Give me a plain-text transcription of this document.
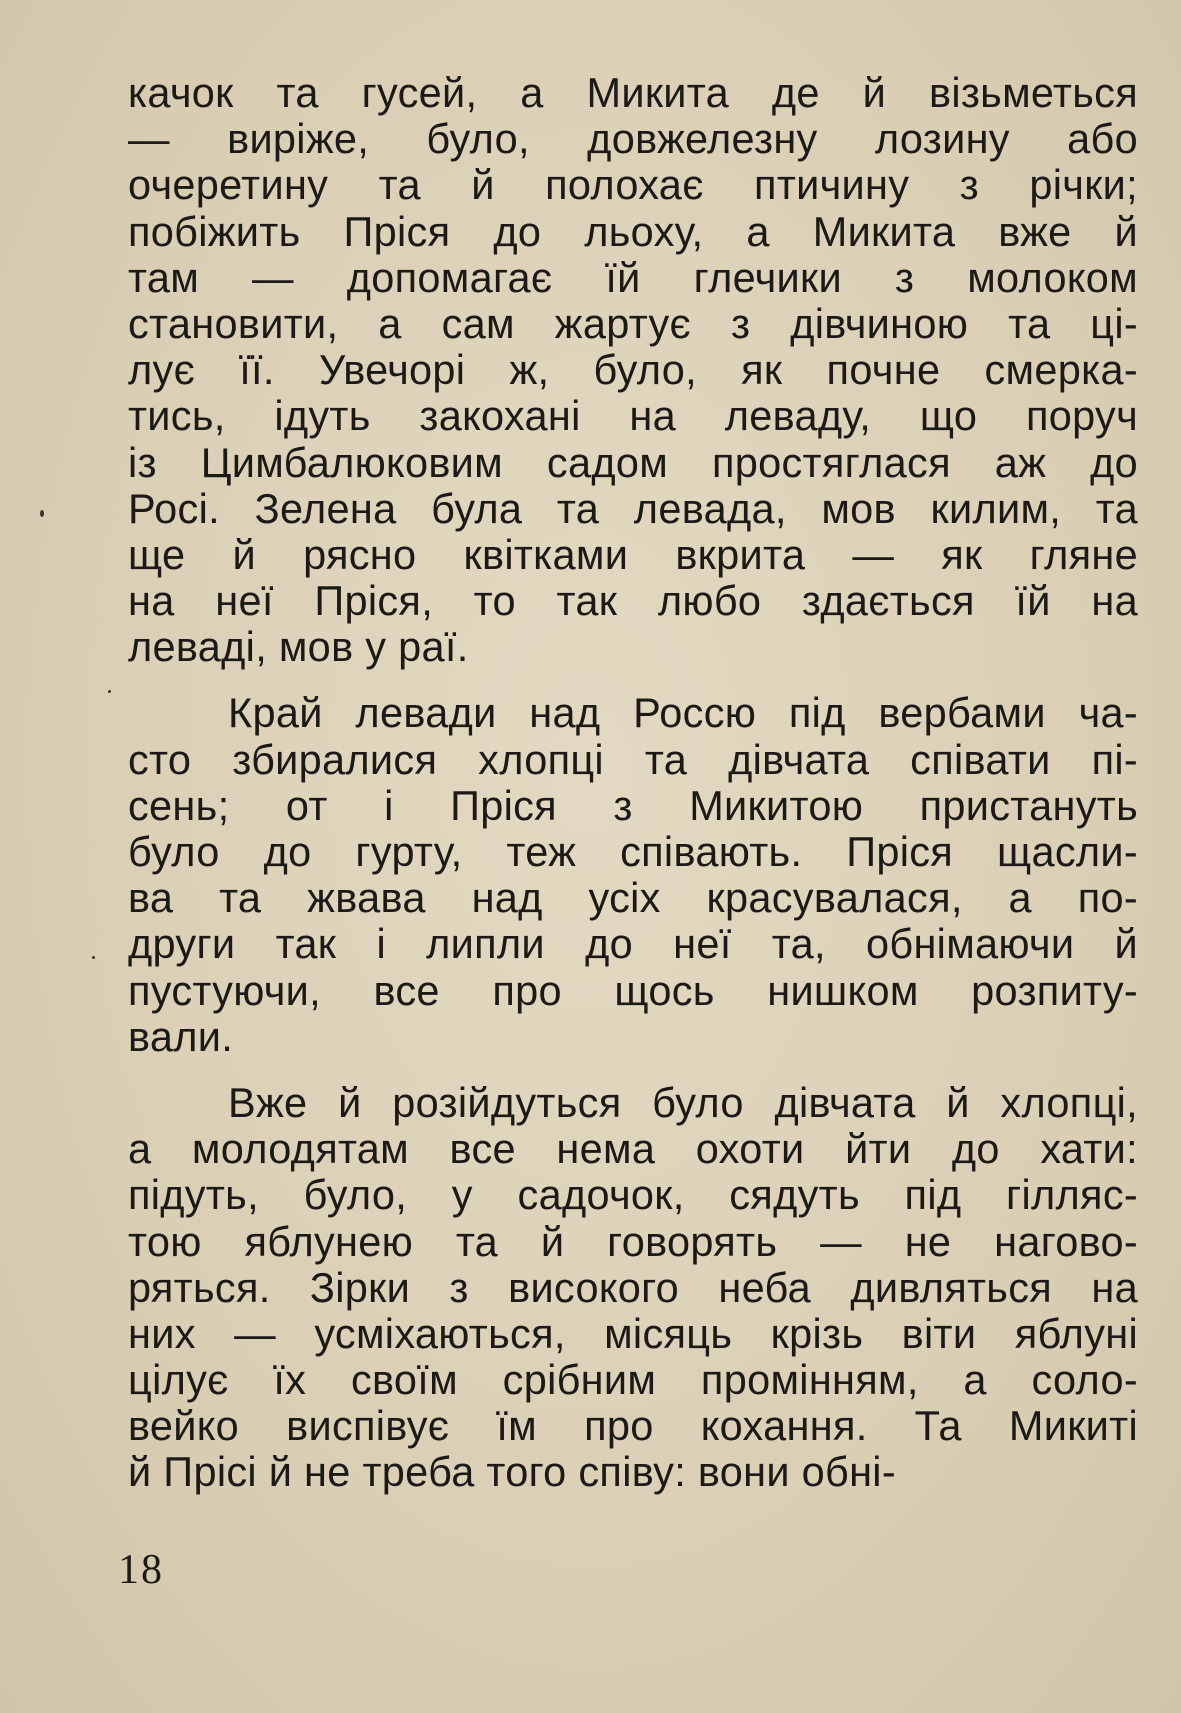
качок та гусей, а Микита де й візьметься
— виріже, було, довжелезну лозину або
очеретину та й полохає птичину з річки;
побіжить Пріся до льоху, а Микита вже й
там — допомагає їй глечики з молоком
становити, а сам жартує з дівчиною та ці-
лує її. Увечорі ж, було, як почне смерка-
тись, ідуть закохані на леваду, що поруч
із Цимбалюковим садом простяглася аж до
Росі. Зелена була та левада, мов килим, та
ще й рясно квітками вкрита — як гляне
на неї Пріся, то так любо здається їй на
леваді, мов у раї.
Край левади над Россю під вербами ча-
сто збиралися хлопці та дівчата співати пі-
сень; от і Пріся з Микитою пристануть
було до гурту, теж співають. Пріся щасли-
ва та жвава над усіх красувалася, а по-
други так і липли до неї та, обнімаючи й
пустуючи, все про щось нишком розпиту-
вали.
Вже й розійдуться було дівчата й хлопці,
а молодятам все нема охоти йти до хати:
підуть, було, у садочок, сядуть під гілляс-
тою яблунею та й говорять — не нагово-
ряться. Зірки з високого неба дивляться на
них — усміхаються, місяць крізь віти яблуні
цілує їх своїм срібним промінням, а соло-
вейко виспівує їм про кохання. Та Микиті
й Прісі й не треба того співу: вони обні-
18
